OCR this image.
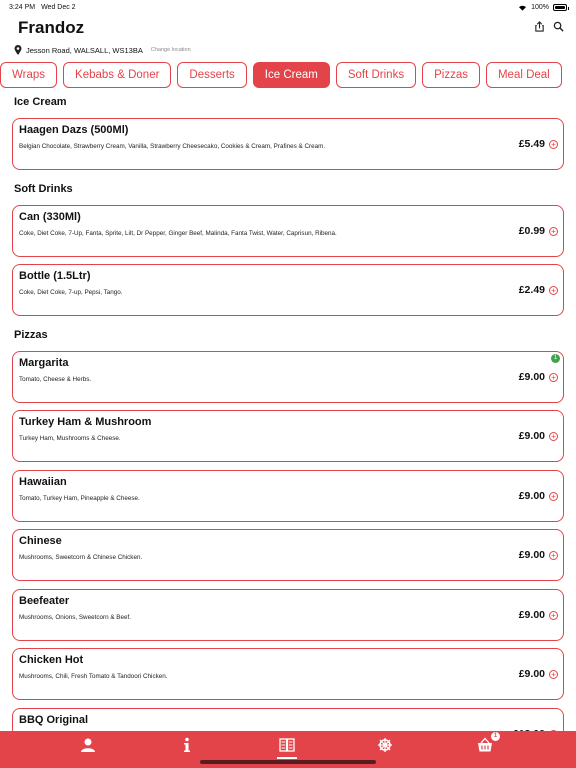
3:24 PM Wed Dec 2	100%
Frandoz
Jesson Road, WALSALL, WS13BA Change location
Wraps	Kebabs & Doner	Desserts	Ice Cream	Soft Drinks	Pizzas	Meal Deal
Ice Cream
Haagen Dazs (500Ml)
Belgian Chocolate, Strawberry Cream, Vanilla, Strawberry Cheesecako, Cookies & Cream, Prafines & Cream.	£5.49 +
Soft Drinks
Can (330Ml)
Coke, Diet Coke, 7-Up, Fanta, Sprite, Lilt, Dr Pepper, Ginger Beef, Malinda, Fanta Twist, Water, Caprisun, Ribena.	£0.99 +
Bottle (1.5Ltr)
Coke, Diet Coke, 7-up, Pepsi, Tango.	£2.49 +
Pizzas
Margarita
Tomato, Cheese & Herbs.	£9.00 +
1
Turkey Ham & Mushroom
Turkey Ham, Mushrooms & Cheese.	£9.00 +
Hawaiian
Tomato, Turkey Ham, Pineapple & Cheese.	£9.00 +
Chinese
Mushrooms, Sweetcorn & Chinese Chicken.	£9.00 +
Beefeater
Mushrooms, Onions, Sweetcorn & Beef.	£9.00 +
Chicken Hot
Mushrooms, Chili, Fresh Tomato & Tandoori Chicken.	£9.00 +
BBQ Original
1
